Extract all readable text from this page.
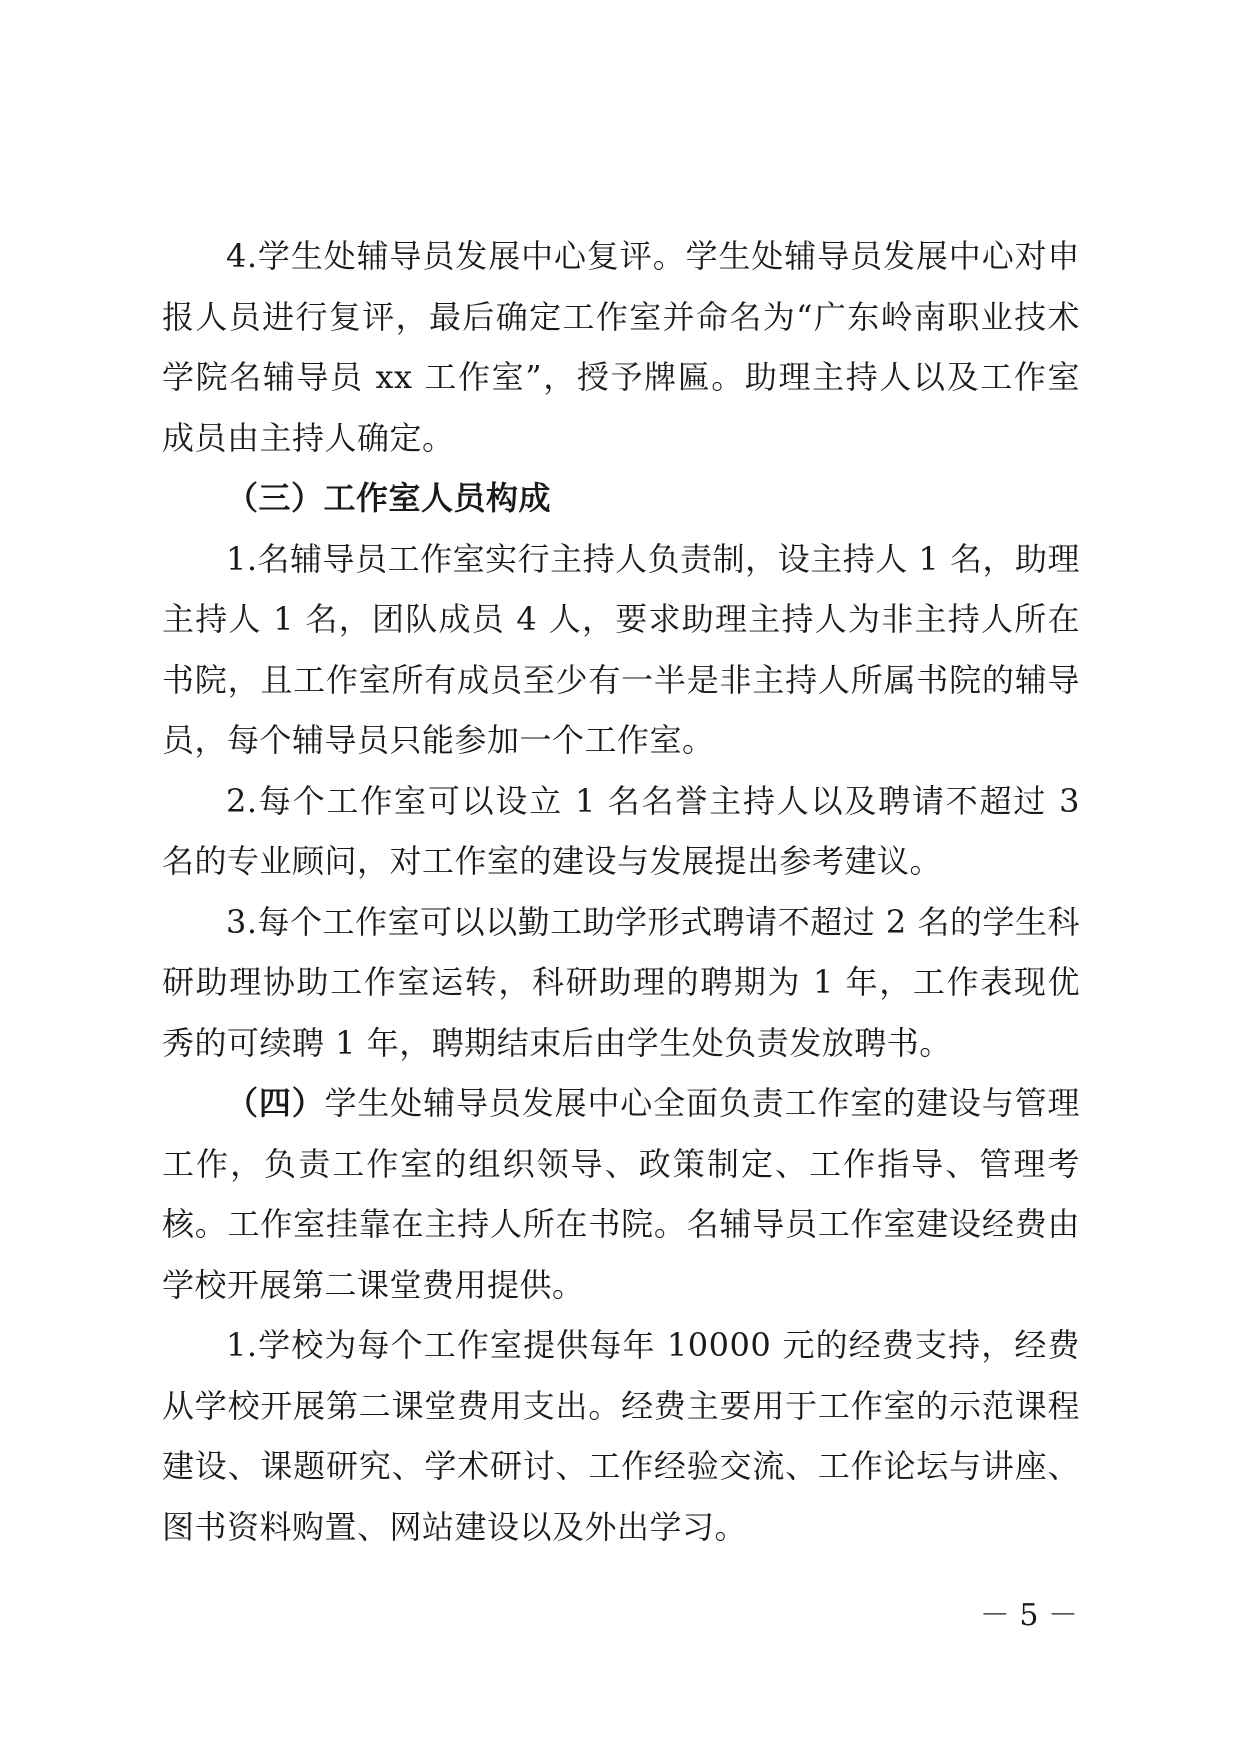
4.学生处辅导员发展中心复评。学生处辅导员发展中心对申报人员进行复评，最后确定工作室并命名为“广东岭南职业技术学院名辅导员 xx 工作室”，授予牌匾。助理主持人以及工作室成员由主持人确定。

（三）工作室人员构成

1.名辅导员工作室实行主持人负责制，设主持人 1 名，助理主持人 1 名，团队成员 4 人，要求助理主持人为非主持人所在书院，且工作室所有成员至少有一半是非主持人所属书院的辅导员，每个辅导员只能参加一个工作室。

2.每个工作室可以设立 1 名名誉主持人以及聘请不超过 3 名的专业顾问，对工作室的建设与发展提出参考建议。

3.每个工作室可以以勤工助学形式聘请不超过 2 名的学生科研助理协助工作室运转，科研助理的聘期为 1 年，工作表现优秀的可续聘 1 年，聘期结束后由学生处负责发放聘书。

（四）学生处辅导员发展中心全面负责工作室的建设与管理工作，负责工作室的组织领导、政策制定、工作指导、管理考核。工作室挂靠在主持人所在书院。名辅导员工作室建设经费由学校开展第二课堂费用提供。

1.学校为每个工作室提供每年 10000 元的经费支持，经费从学校开展第二课堂费用支出。经费主要用于工作室的示范课程建设、课题研究、学术研讨、工作经验交流、工作论坛与讲座、图书资料购置、网站建设以及外出学习。

－ 5 －
